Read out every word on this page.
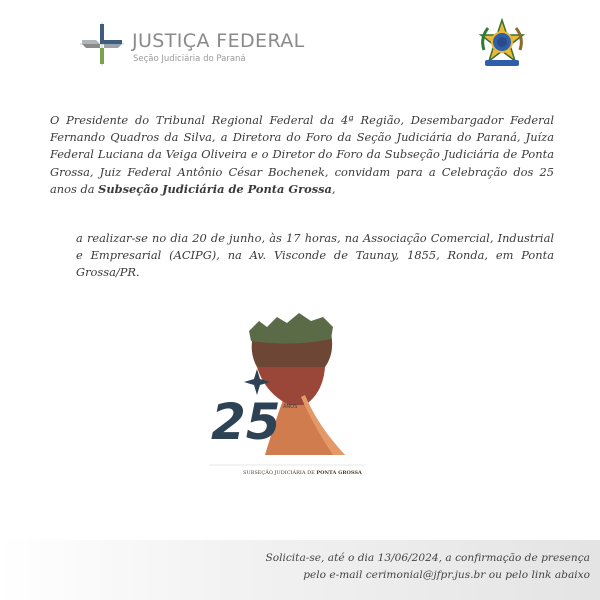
JUSTIÇA FEDERAL
Seção Judiciária do Paraná

O Presidente do Tribunal Regional Federal da 4ª Região, Desembargador Federal Fernando Quadros da Silva, a Diretora do Foro da Seção Judiciária do Paraná, Juíza Federal Luciana da Veiga Oliveira e o Diretor do Foro da Subseção Judiciária de Ponta Grossa, Juiz Federal Antônio César Bochenek, convidam para a Celebração dos 25 anos da Subseção Judiciária de Ponta Grossa,

a realizar-se no dia 20 de junho, às 17 horas, na Associação Comercial, Industrial e Empresarial (ACIPG), na Av. Visconde de Taunay, 1855, Ronda, em Ponta Grossa/PR.

25 ANOS
SUBSEÇÃO JUDICIÁRIA DE PONTA GROSSA
Solicita-se, até o dia 13/06/2024, a confirmação de presença
pelo e-mail cerimonial@jfpr.jus.br ou pelo link abaixo
